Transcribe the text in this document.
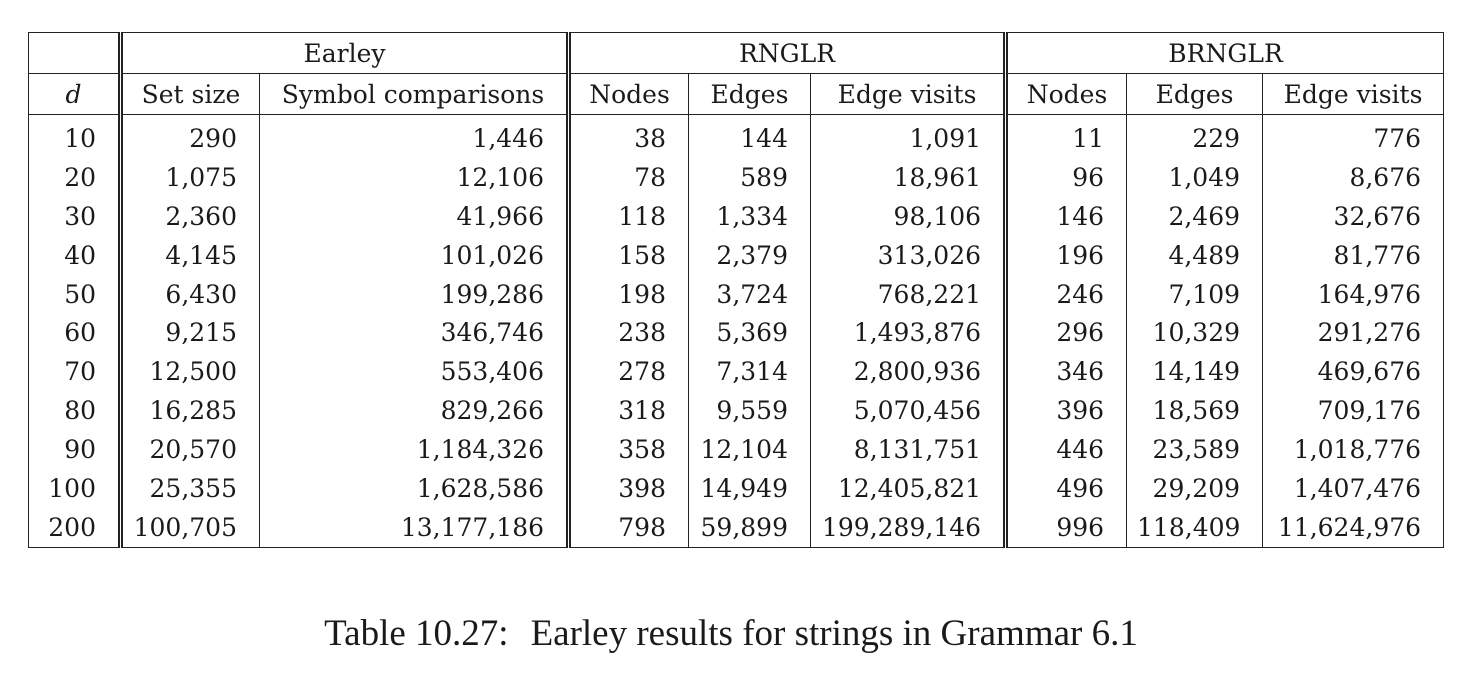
	Earley		RNGLR			BRNGLR		
d	Set size	Symbol comparisons	Nodes	Edges	Edge visits	Nodes	Edges	Edge visits
10	290	1,446	38	144	1,091	11	229	776
20	1,075	12,106	78	589	18,961	96	1,049	8,676
30	2,360	41,966	118	1,334	98,106	146	2,469	32,676
40	4,145	101,026	158	2,379	313,026	196	4,489	81,776
50	6,430	199,286	198	3,724	768,221	246	7,109	164,976
60	9,215	346,746	238	5,369	1,493,876	296	10,329	291,276
70	12,500	553,406	278	7,314	2,800,936	346	14,149	469,676
80	16,285	829,266	318	9,559	5,070,456	396	18,569	709,176
90	20,570	1,184,326	358	12,104	8,131,751	446	23,589	1,018,776
100	25,355	1,628,586	398	14,949	12,405,821	496	29,209	1,407,476
200	100,705	13,177,186	798	59,899	199,289,146	996	118,409	11,624,976
Table 10.27: Earley results for strings in Grammar 6.1
